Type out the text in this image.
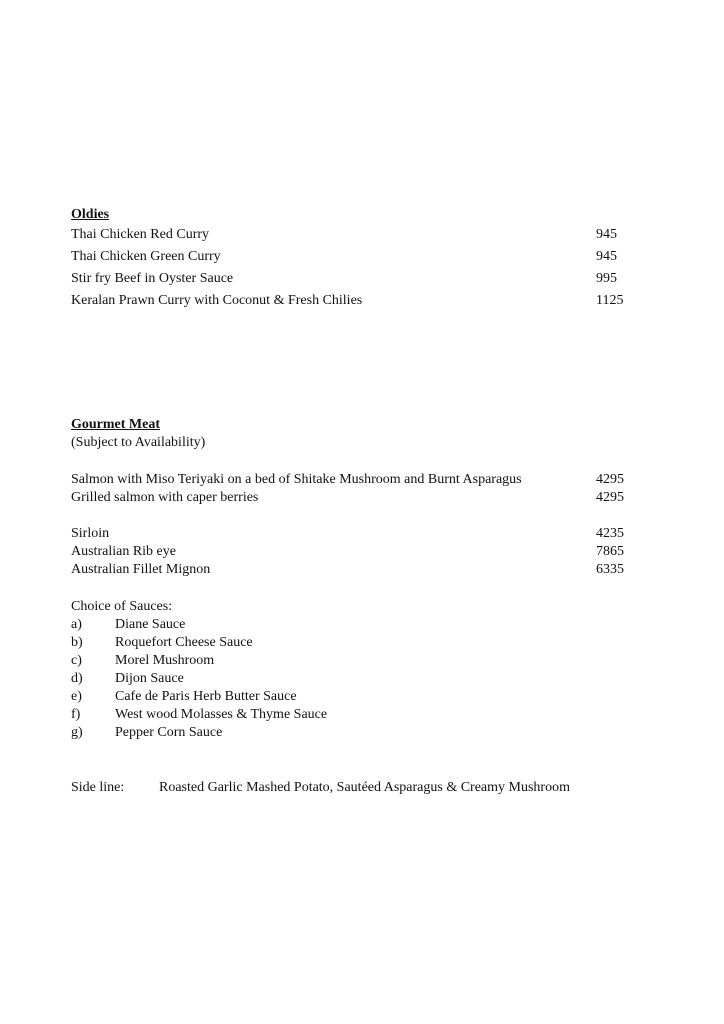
Oldies
Thai Chicken Red Curry	945
Thai Chicken Green Curry	945
Stir fry Beef in Oyster Sauce	995
Keralan Prawn Curry with Coconut & Fresh Chilies	1125
Gourmet Meat
(Subject to Availability)
Salmon with Miso Teriyaki on a bed of Shitake Mushroom and Burnt Asparagus	4295
Grilled salmon with caper berries	4295
Sirloin	4235
Australian Rib eye	7865
Australian Fillet Mignon	6335
Choice of Sauces:
a) Diane Sauce
b) Roquefort Cheese Sauce
c) Morel Mushroom
d) Dijon Sauce
e) Cafe de Paris Herb Butter Sauce
f) West wood Molasses & Thyme Sauce
g) Pepper Corn Sauce
Side line: Roasted Garlic Mashed Potato, Sautéed Asparagus & Creamy Mushroom
